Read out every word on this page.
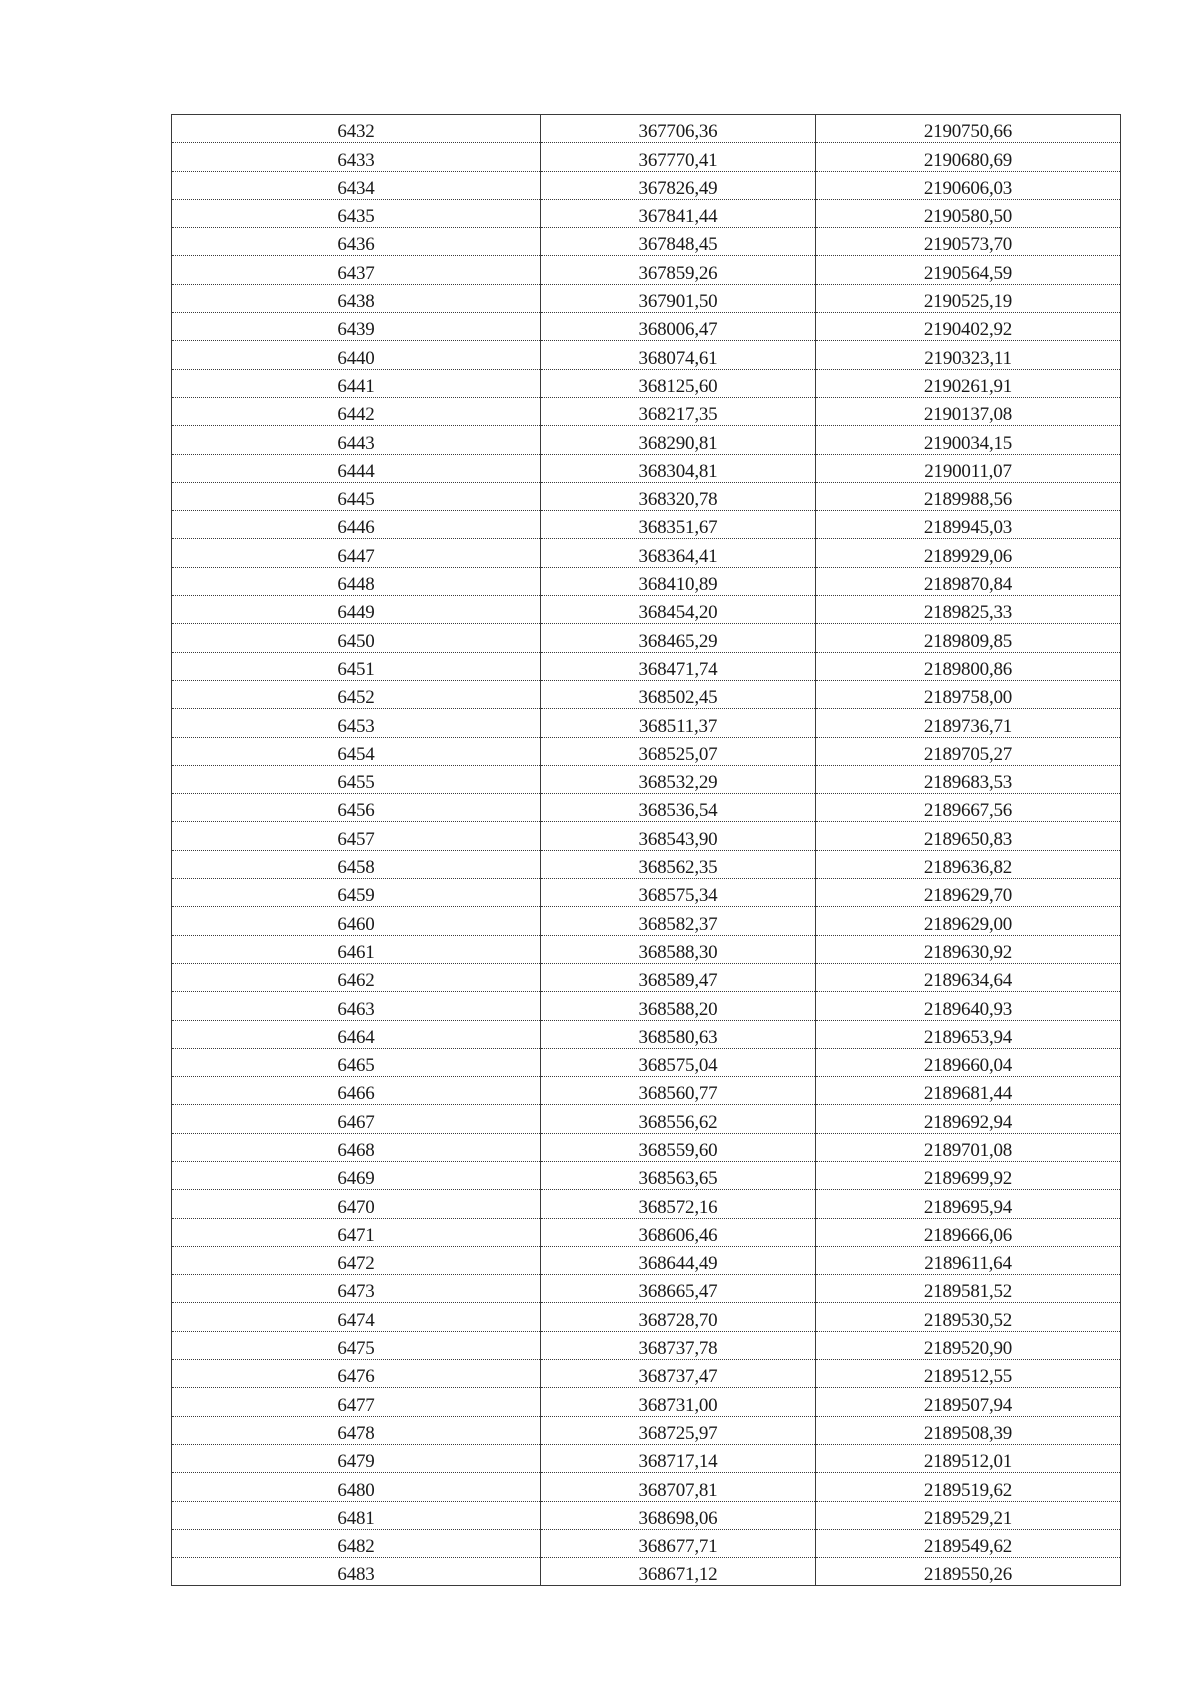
6432	367706,36	2190750,66
6433	367770,41	2190680,69
6434	367826,49	2190606,03
6435	367841,44	2190580,50
6436	367848,45	2190573,70
6437	367859,26	2190564,59
6438	367901,50	2190525,19
6439	368006,47	2190402,92
6440	368074,61	2190323,11
6441	368125,60	2190261,91
6442	368217,35	2190137,08
6443	368290,81	2190034,15
6444	368304,81	2190011,07
6445	368320,78	2189988,56
6446	368351,67	2189945,03
6447	368364,41	2189929,06
6448	368410,89	2189870,84
6449	368454,20	2189825,33
6450	368465,29	2189809,85
6451	368471,74	2189800,86
6452	368502,45	2189758,00
6453	368511,37	2189736,71
6454	368525,07	2189705,27
6455	368532,29	2189683,53
6456	368536,54	2189667,56
6457	368543,90	2189650,83
6458	368562,35	2189636,82
6459	368575,34	2189629,70
6460	368582,37	2189629,00
6461	368588,30	2189630,92
6462	368589,47	2189634,64
6463	368588,20	2189640,93
6464	368580,63	2189653,94
6465	368575,04	2189660,04
6466	368560,77	2189681,44
6467	368556,62	2189692,94
6468	368559,60	2189701,08
6469	368563,65	2189699,92
6470	368572,16	2189695,94
6471	368606,46	2189666,06
6472	368644,49	2189611,64
6473	368665,47	2189581,52
6474	368728,70	2189530,52
6475	368737,78	2189520,90
6476	368737,47	2189512,55
6477	368731,00	2189507,94
6478	368725,97	2189508,39
6479	368717,14	2189512,01
6480	368707,81	2189519,62
6481	368698,06	2189529,21
6482	368677,71	2189549,62
6483	368671,12	2189550,26
